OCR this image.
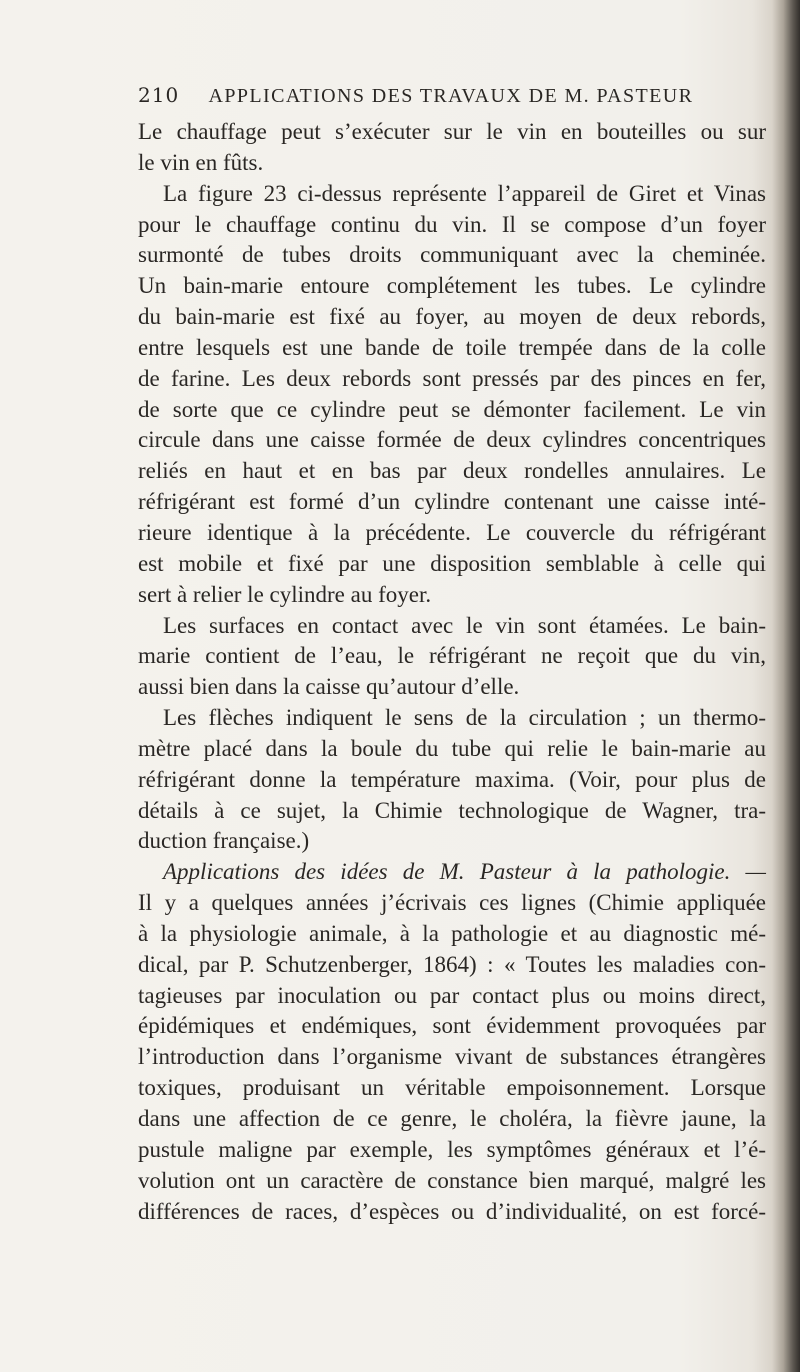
210 APPLICATIONS DES TRAVAUX DE M. PASTEUR
Le chauffage peut s’exécuter sur le vin en bouteilles ou sur
le vin en fûts.
La figure 23 ci-dessus représente l’appareil de Giret et Vinas
pour le chauffage continu du vin. Il se compose d’un foyer
surmonté de tubes droits communiquant avec la cheminée.
Un bain-marie entoure complétement les tubes. Le cylindre
du bain-marie est fixé au foyer, au moyen de deux rebords,
entre lesquels est une bande de toile trempée dans de la colle
de farine. Les deux rebords sont pressés par des pinces en fer,
de sorte que ce cylindre peut se démonter facilement. Le vin
circule dans une caisse formée de deux cylindres concentriques
reliés en haut et en bas par deux rondelles annulaires. Le
réfrigérant est formé d’un cylindre contenant une caisse inté-
rieure identique à la précédente. Le couvercle du réfrigérant
est mobile et fixé par une disposition semblable à celle qui
sert à relier le cylindre au foyer.
Les surfaces en contact avec le vin sont étamées. Le bain-
marie contient de l’eau, le réfrigérant ne reçoit que du vin,
aussi bien dans la caisse qu’autour d’elle.
Les flèches indiquent le sens de la circulation ; un thermo-
mètre placé dans la boule du tube qui relie le bain-marie au
réfrigérant donne la température maxima. (Voir, pour plus de
détails à ce sujet, la Chimie technologique de Wagner, tra-
duction française.)
Applications des idées de M. Pasteur à la pathologie. —
Il y a quelques années j’écrivais ces lignes (Chimie appliquée
à la physiologie animale, à la pathologie et au diagnostic mé-
dical, par P. Schutzenberger, 1864) : « Toutes les maladies con-
tagieuses par inoculation ou par contact plus ou moins direct,
épidémiques et endémiques, sont évidemment provoquées par
l’introduction dans l’organisme vivant de substances étrangères
toxiques, produisant un véritable empoisonnement. Lorsque
dans une affection de ce genre, le choléra, la fièvre jaune, la
pustule maligne par exemple, les symptômes généraux et l’é-
volution ont un caractère de constance bien marqué, malgré les
différences de races, d’espèces ou d’individualité, on est forcé-
